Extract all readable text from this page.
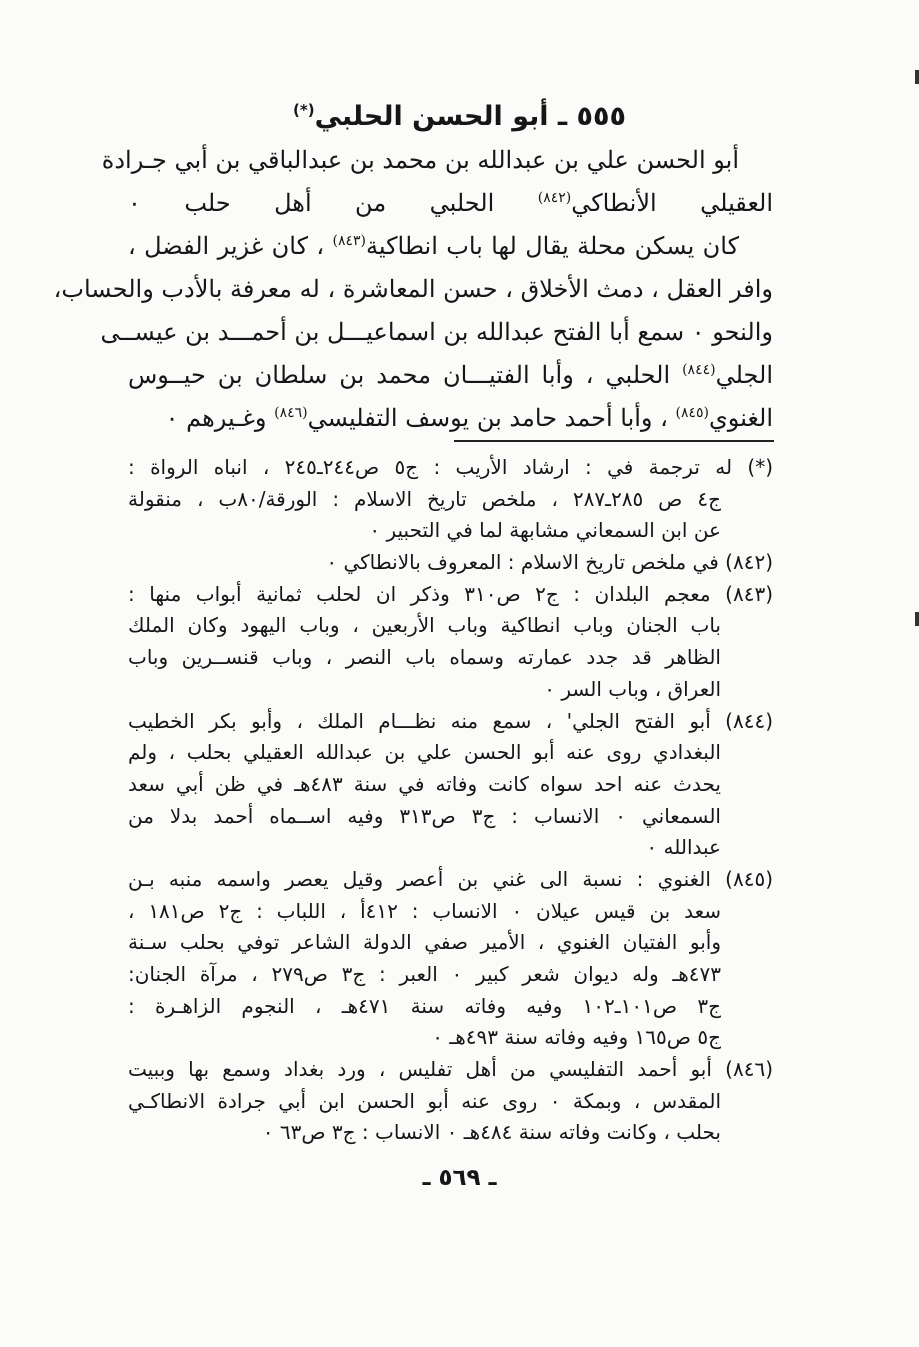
٥٥٥ ـ أبو الحسن الحلبي(*)
أبو الحسن علي بن عبدالله بن محمد بن عبدالباقي بن أبي جـرادة
العقيلي الأنطاكي$^{(٨٤٢)}$ الحلبي من أهل حلب ٠
كان يسكن محلة يقال لها باب انطاكية$^{(٨٤٣)}$ ، كان غزير الفضل ،
وافر العقل ، دمث الأخلاق ، حسن المعاشرة ، له معرفة بالأدب والحساب،
والنحو ٠ سمع أبا الفتح عبدالله بن اسماعيـــل بن أحمـــد بن عيســى
الجلي$^{(٨٤٤)}$ الحلبي ، وأبا الفتيـــان محمد بن سلطان بن حيــوس
الغنوي$^{(٨٤٥)}$ ، وأبا أحمد حامد بن يوسف التفليسي$^{(٨٤٦)}$ وغـيرهم ٠
(*) له ترجمة في : ارشاد الأريب : ج٥ ص٢٤٤ـ٢٤٥ ، انباه الرواة :
ج٤ ص ٢٨٥ـ٢٨٧ ، ملخص تاريخ الاسلام : الورقة/٨٠ب ، منقولة
عن ابن السمعاني مشابهة لما في التحبير ٠
(٨٤٢) في ملخص تاريخ الاسلام : المعروف بالانطاكي ٠
(٨٤٣) معجم البلدان : ج٢ ص٣١٠ وذكر ان لحلب ثمانية أبواب منها :
باب الجنان وباب انطاكية وباب الأربعين ، وباب اليهود وكان الملك
الظاهر قد جدد عمارته وسماه باب النصر ، وباب قنســرين وباب
العراق ، وباب السر ٠
(٨٤٤) أبو الفتح الجلي' ، سمع منه نظـــام الملك ، وأبو بكر الخطيب
البغدادي روى عنه أبو الحسن علي بن عبدالله العقيلي بحلب ، ولم
يحدث عنه احد سواه كانت وفاته في سنة ٤٨٣هـ في ظن أبي سعد
السمعاني ٠ الانساب : ج٣ ص٣١٣ وفيه اســماه أحمد بدلا من
عبدالله ٠
(٨٤٥) الغنوي : نسبة الى غني بن أعصر وقيل يعصر واسمه منبه بـن
سعد بن قيس عيلان ٠ الانساب : ٤١٢أ ، اللباب : ج٢ ص١٨١ ،
وأبو الفتيان الغنوي ، الأمير صفي الدولة الشاعر توفي بحلب سـنة
٤٧٣هـ وله ديوان شعر كبير ٠ العبر : ج٣ ص٢٧٩ ، مرآة الجنان:
ج٣ ص١٠١ـ١٠٢ وفيه وفاته سنة ٤٧١هـ ، النجوم الزاهـرة :
ج٥ ص١٦٥ وفيه وفاته سنة ٤٩٣هـ ٠
(٨٤٦) أبو أحمد التفليسي من أهل تفليس ، ورد بغداد وسمع بها وببيت
المقدس ، وبمكة ٠ روى عنه أبو الحسن ابن أبي جرادة الانطاكـي
بحلب ، وكانت وفاته سنة ٤٨٤هـ ٠ الانساب : ج٣ ص٦٣ ٠
ـ ٥٦٩ ـ
